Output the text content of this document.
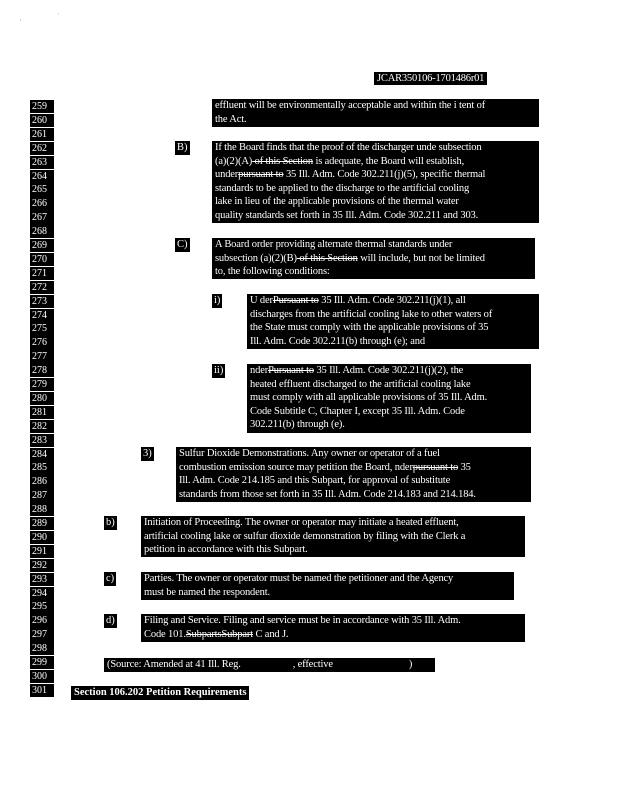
,	'
JCAR350106-1701486r01
259
260
261
262
263
264
265
266
267
268
269
270
271
272
273
274
275
276
277
278
279
280
281
282
283
284
285
286
287
288
289
290
291
292
293
294
295
296
297
298
299
300
301
effluent will be environmentally acceptable and within the i tent of
the Act.
B)	If the Board finds that the proof of the discharger unde subsection
(a)(2)(A) of this Section is adequate, the Board will establish,
underpursuant to 35 Ill. Adm. Code 302.211(j)(5), specific thermal
standards to be applied to the discharge to the artificial cooling
lake in lieu of the applicable provisions of the thermal water
quality standards set forth in 35 Ill. Adm. Code 302.211 and 303.
C)	A Board order providing alternate thermal standards under
subsection (a)(2)(B) of this Section will include, but not be limited
to, the following conditions:
i)	U derPursuant to 35 Ill. Adm. Code 302.211(j)(1), all
discharges from the artificial cooling lake to other waters of
the State must comply with the applicable provisions of 35
Ill. Adm. Code 302.211(b) through (e); and
ii)	nderPursuant to 35 Ill. Adm. Code 302.211(j)(2), the
heated effluent discharged to the artificial cooling lake
must comply with all applicable provisions of 35 Ill. Adm.
Code Subtitle C, Chapter I, except 35 Ill. Adm. Code
302.211(b) through (e).
3)	Sulfur Dioxide Demonstrations. Any owner or operator of a fuel
combustion emission source may petition the Board, nderpursuant to 35
Ill. Adm. Code 214.185 and this Subpart, for approval of substitute
standards from those set forth in 35 Ill. Adm. Code 214.183 and 214.184.
b)	Initiation of Proceeding. The owner or operator may initiate a heated effluent,
artificial cooling lake or sulfur dioxide demonstration by filing with the Clerk a
petition in accordance with this Subpart.
c)	Parties. The owner or operator must be named the petitioner and the Agency
must be named the respondent.
d)	Filing and Service. Filing and service must be in accordance with 35 Ill. Adm.
Code 101.SubpartsSubpart C and J.
(Source: Amended at 41 Ill. Reg.	, effective	)
Section 106.202 Petition Requirements
